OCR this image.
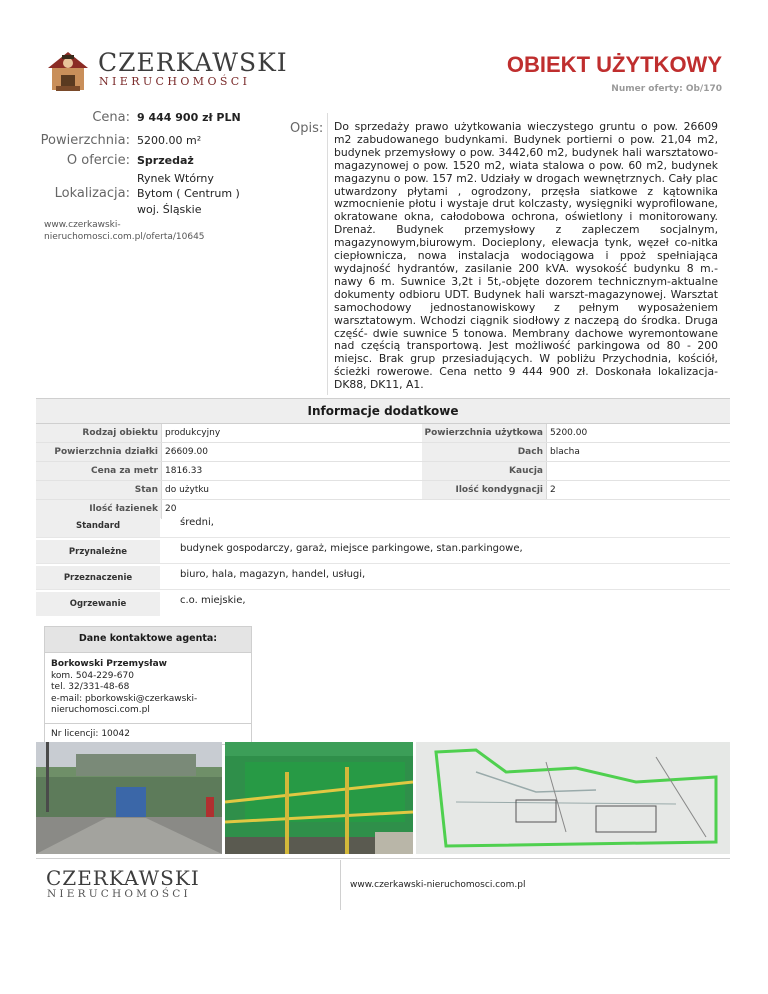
CZERKAWSKI
NIERUCHOMOŚCI
OBIEKT UŻYTKOWY
Numer oferty: Ob/170
Cena: 9 444 900 zł PLN
Powierzchnia: 5200.00 m²
O ofercie: Sprzedaż
Rynek Wtórny
Lokalizacja: Bytom ( Centrum )
woj. Śląskie
www.czerkawski-
nieruchomosci.com.pl/oferta/10645
Opis: Do sprzedaży prawo użytkowania wieczystego gruntu o pow. 26609 m2 zabudowanego budynkami. Budynek portierni o pow. 21,04 m2, budynek przemysłowy o pow. 3442,60 m2, budynek hali warsztatowo-magazynowej o pow. 1520 m2, wiata stalowa o pow. 60 m2, budynek magazynu o pow. 157 m2. Udziały w drogach wewnętrznych. Cały plac utwardzony płytami , ogrodzony, przęsła siatkowe z kątownika wzmocnienie płotu i wystaje drut kolczasty, wysięgniki wyprofilowane, okratowane okna, całodobowa ochrona, oświetlony i monitorowany. Drenaż. Budynek przemysłowy z zapleczem socjalnym, magazynowym,biurowym. Docieplony, elewacja tynk, węzeł co-nitka ciepłownicza, nowa instalacja wodociągowa i ppoż spełniająca wydajność hydrantów, zasilanie 200 kVA. wysokość budynku 8 m.-nawy 6 m. Suwnice 3,2t i 5t,-objęte dozorem technicznym-aktualne dokumenty odbioru UDT. Budynek hali warszt-magazynowej. Warsztat samochodowy jednostanowiskowy z pełnym wyposażeniem warsztatowym. Wchodzi ciągnik siodłowy z naczepą do środka. Druga część- dwie suwnice 5 tonowa. Membrany dachowe wyremontowane nad częścią transportową. Jest możliwość parkingowa od 80 - 200 miejsc. Brak grup przesiadujących. W pobliżu Przychodnia, kościół, ścieżki rowerowe. Cena netto 9 444 900 zł. Doskonała lokalizacja-DK88, DK11, A1.
Informacje dodatkowe
Rodzaj obiektu produkcyjny	Powierzchnia użytkowa 5200.00
Powierzchnia działki 26609.00	Dach blacha
Cena za metr 1816.33	Kaucja
Stan do użytku	Ilość kondygnacji 2
Ilość łazienek 20
Standard	średni,
Przynależne	budynek gospodarczy, garaż, miejsce parkingowe, stan.parkingowe,
Przeznaczenie	biuro, hala, magazyn, handel, usługi,
Ogrzewanie	c.o. miejskie,
Dane kontaktowe agenta:
Borkowski Przemysław
kom. 504-229-670
tel. 32/331-48-68
e-mail: pborkowski@czerkawski-
nieruchomosci.com.pl
Nr licencji: 10042
CZERKAWSKI
NIERUCHOMOŚCI
www.czerkawski-nieruchomosci.com.pl
